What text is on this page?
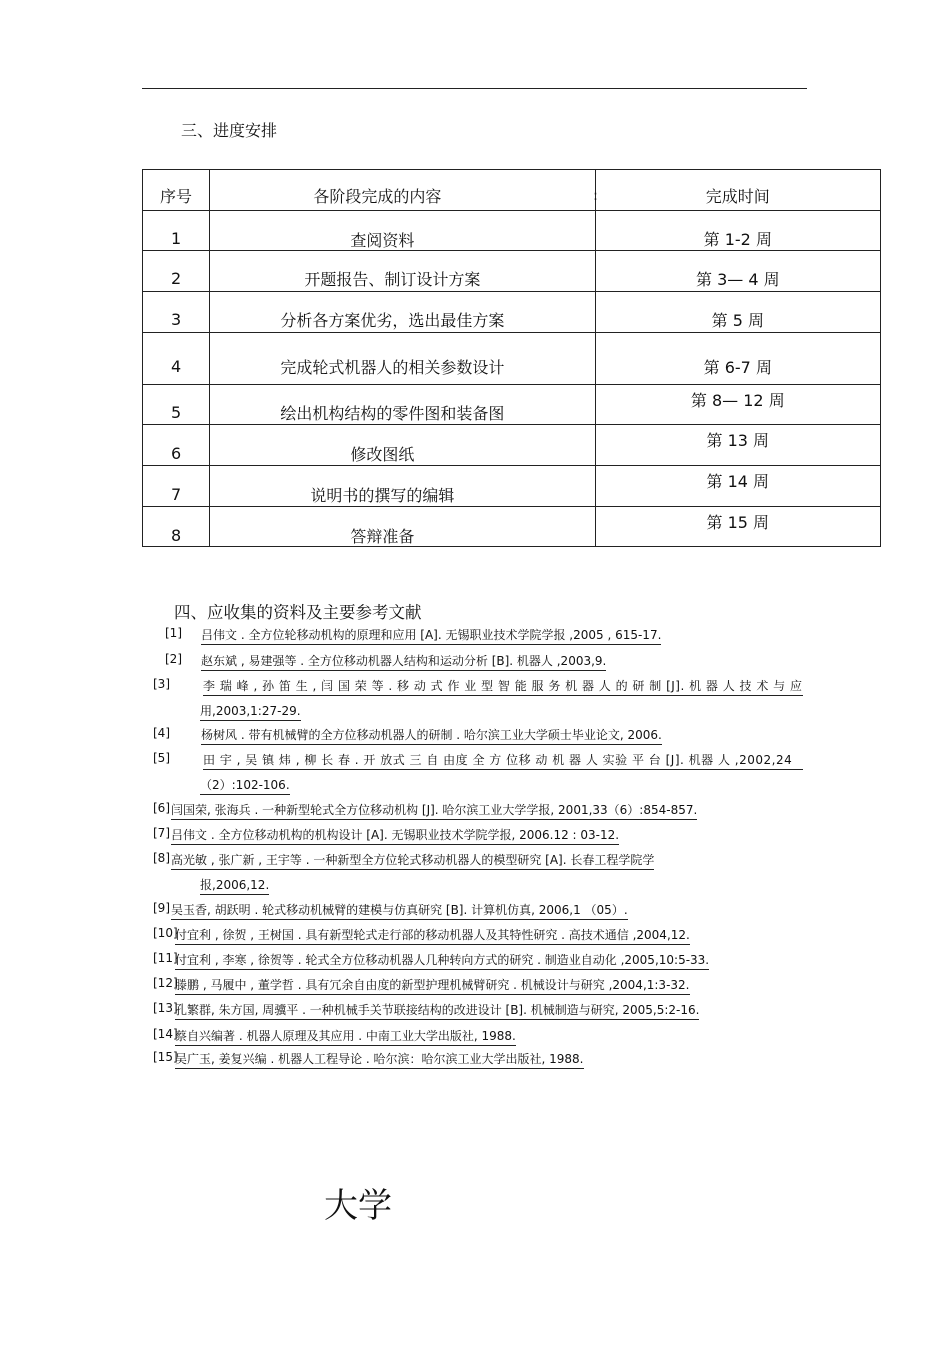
三、进度安排
序号	各阶段完成的内容 :	完成时间

1	查阅资料	第 1-2 周

2	开题报告、制订设计方案	第 3— 4 周

3	分析各方案优劣，选出最佳方案	第 5 周

4	完成轮式机器人的相关参数设计	第 6-7 周

5	绘出机构结构的零件图和装备图	第 8— 12 周

6	修改图纸	第 13 周

7	说明书的撰写的编辑	第 14 周

8	答辩准备	第 15 周
四、应收集的资料及主要参考文献
[1] 吕伟文 . 全方位轮移动机构的原理和应用 [A]. 无锡职业技术学院学报 ,2005 , 615-17.
[2] 赵东斌 , 易建强等 . 全方位移动机器人结构和运动分析 [B]. 机器人 ,2003,9.
[3]	李 瑞 峰 , 孙 笛 生 , 闫 国 荣 等 . 移 动 式 作 业 型 智 能 服 务 机 器 人 的 研 制 [J]. 机 器 人 技 术 与 应
用,2003,1:27-29.
[4]	杨树风 . 带有机械臂的全方位移动机器人的研制 . 哈尔滨工业大学硕士毕业论文, 2006.
[5]	田 宇 , 吴 镇 炜 , 柳 长 春 . 开 放式 三 自 由度 全 方 位移 动 机 器 人 实验 平 台 [J]. 机器 人 ,2002,24
（2）:102-106.
[6] 闫国荣, 张海兵 . 一种新型轮式全方位移动机构 [J]. 哈尔滨工业大学学报, 2001,33（6）:854-857.
[7] 吕伟文 . 全方位移动机构的机构设计 [A]. 无锡职业技术学院学报, 2006.12 : 03-12.
[8] 高光敏 , 张广新 , 王宇等 . 一种新型全方位轮式移动机器人的模型研究 [A]. 长春工程学院学
报,2006,12.
[9] 吴玉香, 胡跃明 . 轮式移动机械臂的建模与仿真研究 [B]. 计算机仿真, 2006,1 （05）.
[10]
付宜利 , 徐贺 , 王树国 . 具有新型轮式走行部的移动机器人及其特性研究 . 高技术通信 ,2004,12.
[11]
付宜利 , 李寒 , 徐贺等 . 轮式全方位移动机器人几种转向方式的研究 . 制造业自动化 ,2005,10:5-33.
[12]
滕鹏 , 马履中 , 董学哲 . 具有冗余自由度的新型护理机械臂研究 . 机械设计与研究 ,2004,1:3-32.
[13]
孔繁群, 朱方国, 周骥平 . 一种机械手关节联接结构的改进设计 [B]. 机械制造与研究, 2005,5:2-16.
[14]
蔡自兴编著 . 机器人原理及其应用 . 中南工业大学出版社, 1988.
[15]
吴广玉, 姜复兴编 . 机器人工程导论 . 哈尔滨：哈尔滨工业大学出版社, 1988.
大学
